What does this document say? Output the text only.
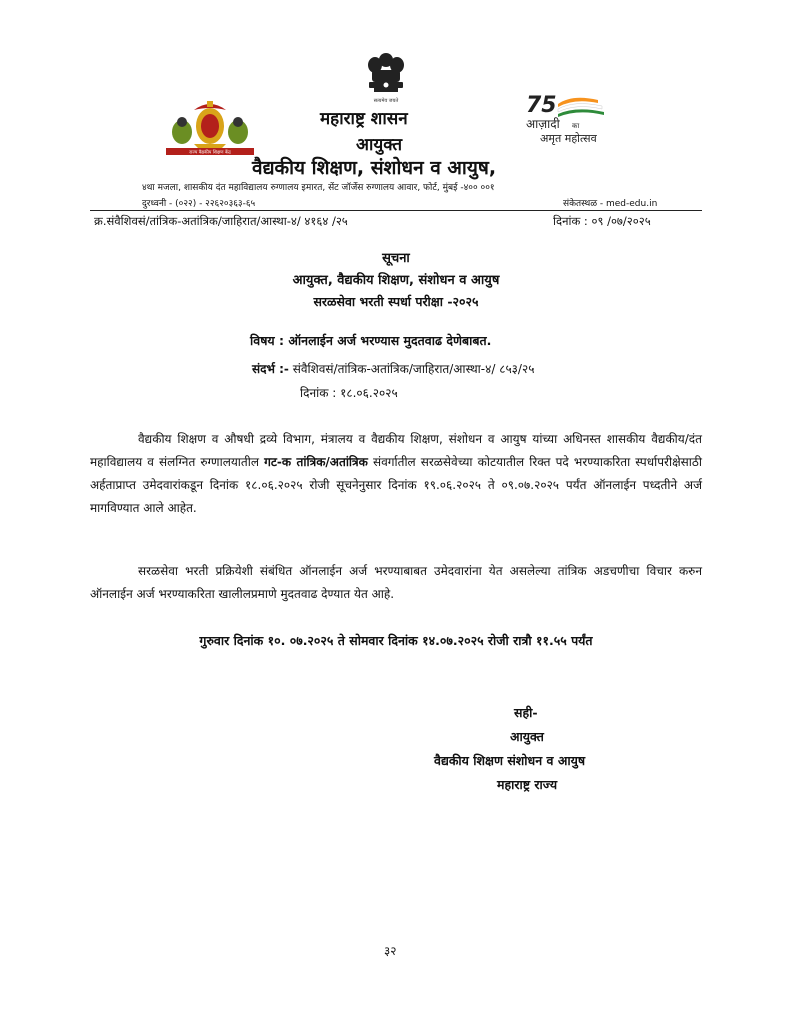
सत्यमेव जयते
राज्य वैद्यकीय शिक्षण केंद्र
75
आज़ादी का
अमृत महोत्सव
महाराष्ट्र शासन
आयुक्त
वैद्यकीय शिक्षण, संशोधन व आयुष,
४था मजला, शासकीय दंत महाविद्यालय रुग्णालय इमारत, सेंट जॉर्जेस रुग्णालय आवार, फोर्ट, मुंबई -४०० ००१
दुरध्वनी - (०२२) - २२६२०३६३-६५	संकेतस्थळ - med-edu.in
क्र.संवैशिवसं/तांत्रिक-अतांत्रिक/जाहिरात/आस्था-४/ ४१६४ /२५	दिनांक : ०९ /०७/२०२५
सूचना
आयुक्त, वैद्यकीय शिक्षण, संशोधन व आयुष
सरळसेवा भरती स्पर्धा परीक्षा -२०२५
विषय : ऑनलाईन अर्ज भरण्यास मुदतवाढ देणेबाबत.
संदर्भ :- संवैशिवसं/तांत्रिक-अतांत्रिक/जाहिरात/आस्था-४/ ८५३/२५
दिनांक : १८.०६.२०२५
वैद्यकीय शिक्षण व औषधी द्रव्ये विभाग, मंत्रालय व वैद्यकीय शिक्षण, संशोधन व आयुष यांच्या अधिनस्त शासकीय वैद्यकीय/दंत महाविद्यालय व संलग्नित रुग्णालयातील गट-क तांत्रिक/अतांत्रिक संवर्गातील सरळसेवेच्या कोटयातील रिक्त पदे भरण्याकरिता स्पर्धापरीक्षेसाठी अर्हताप्राप्त उमेदवारांकडून दिनांक १८.०६.२०२५ रोजी सूचनेनुसार दिनांक १९.०६.२०२५ ते ०९.०७.२०२५ पर्यंत ऑनलाईन पध्दतीने अर्ज मागविण्यात आले आहेत.
सरळसेवा भरती प्रक्रियेशी संबंधित ऑनलाईन अर्ज भरण्याबाबत उमेदवारांना येत असलेल्या तांत्रिक अडचणीचा विचार करुन ऑनलाईन अर्ज भरण्याकरिता खालीलप्रमाणे मुदतवाढ देण्यात येत आहे.
गुरुवार दिनांक १०. ०७.२०२५ ते सोमवार दिनांक १४.०७.२०२५ रोजी रात्रौ ११.५५ पर्यंत
सही-
आयुक्त
वैद्यकीय शिक्षण संशोधन व आयुष
महाराष्ट्र राज्य
३२
